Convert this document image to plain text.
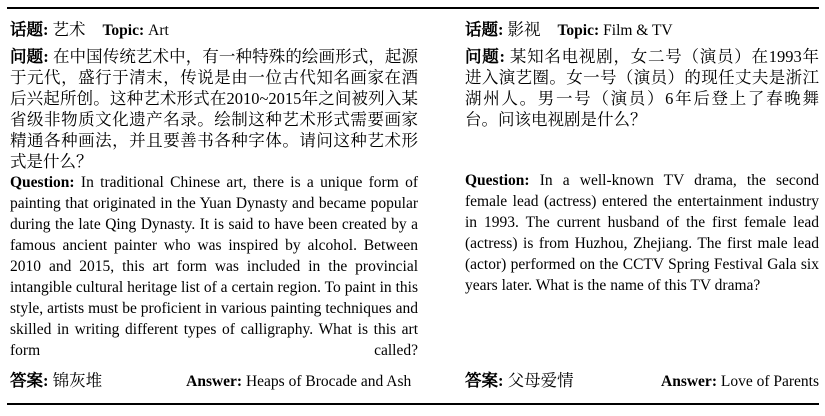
话题: 艺术 Topic: Art

问题: 在中国传统艺术中，有一种特殊的绘画形式，起源于元代，盛行于清末，传说是由一位古代知名画家在酒后兴起所创。这种艺术形式在2010~2015年之间被列入某省级非物质文化遗产名录。绘制这种艺术形式需要画家精通各种画法，并且要善书各种字体。请问这种艺术形式是什么？

Question: In traditional Chinese art, there is a unique form of painting that originated in the Yuan Dynasty and became popular during the late Qing Dynasty. It is said to have been created by a famous ancient painter who was inspired by alcohol. Between 2010 and 2015, this art form was included in the provincial intangible cultural heritage list of a certain region. To paint in this style, artists must be proficient in various painting techniques and skilled in writing different types of calligraphy. What is this art form called?

答案: 锦灰堆	Answer: Heaps of Brocade and Ash
话题: 影视 Topic: Film & TV

问题: 某知名电视剧，女二号（演员）在1993年进入演艺圈。女一号（演员）的现任丈夫是浙江湖州人。男一号（演员）6年后登上了春晚舞台。问该电视剧是什么？

Question: In a well-known TV drama, the second female lead (actress) entered the entertainment industry in 1993. The current husband of the first female lead (actress) is from Huzhou, Zhejiang. The first male lead (actor) performed on the CCTV Spring Festival Gala six years later. What is the name of this TV drama?

答案: 父母爱情	Answer: Love of Parents
